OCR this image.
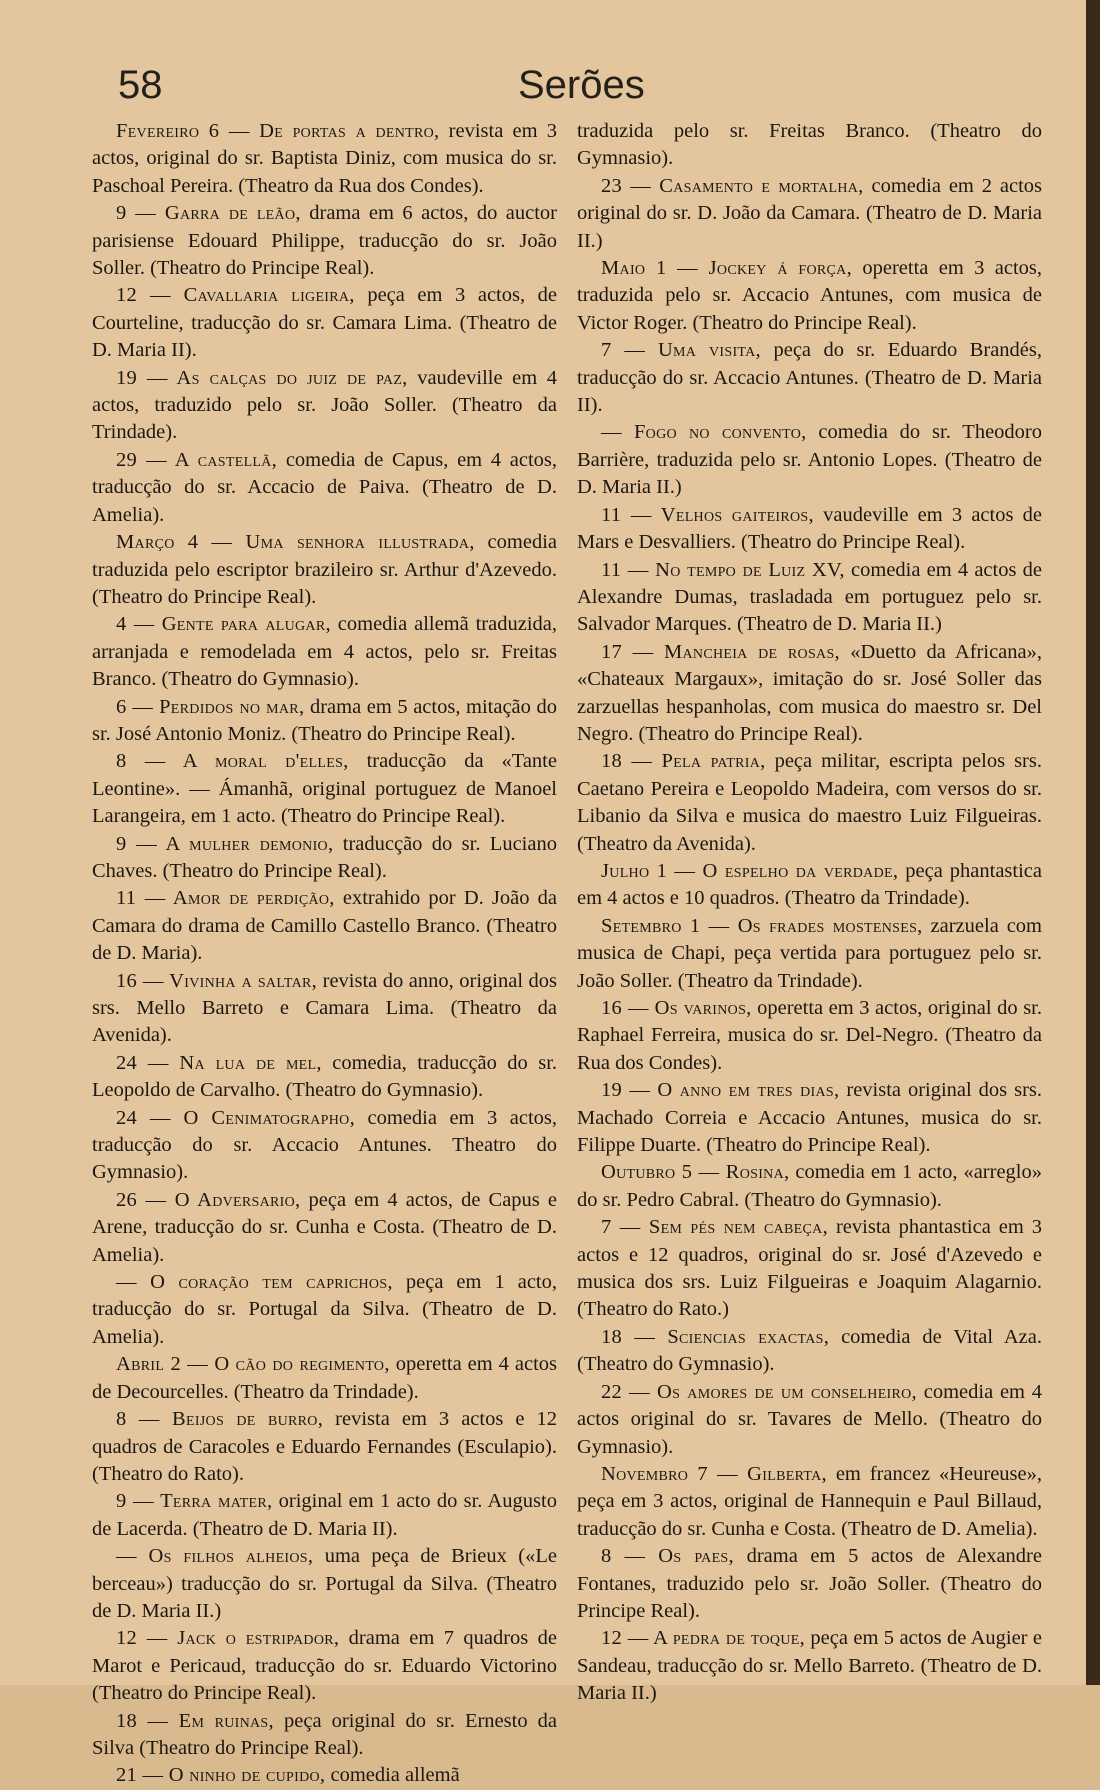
58	Serões

Fevereiro 6 — De portas a dentro, revista em 3 actos, original do sr. Baptista Diniz, com musica do sr. Paschoal Pereira. (Theatro da Rua dos Condes).

9 — Garra de leão, drama em 6 actos, do auctor parisiense Edouard Philippe, traducção do sr. João Soller. (Theatro do Principe Real).

12 — Cavallaria ligeira, peça em 3 actos, de Courteline, traducção do sr. Camara Lima. (Theatro de D. Maria II).

19 — As calças do juiz de paz, vaudeville em 4 actos, traduzido pelo sr. João Soller. (Theatro da Trindade).

29 — A castellã, comedia de Capus, em 4 actos, traducção do sr. Accacio de Paiva. (Theatro de D. Amelia).

Março 4 — Uma senhora illustrada, comedia traduzida pelo escriptor brazileiro sr. Arthur d'Azevedo. (Theatro do Principe Real).

4 — Gente para alugar, comedia allemã traduzida, arranjada e remodelada em 4 actos, pelo sr. Freitas Branco. (Theatro do Gymnasio).

6 — Perdidos no mar, drama em 5 actos, mitação do sr. José Antonio Moniz. (Theatro do Principe Real).

8 — A moral d'elles, traducção da «Tante Leontine». — Ámanhã, original portuguez de Manoel Larangeira, em 1 acto. (Theatro do Principe Real).

9 — A mulher demonio, traducção do sr. Luciano Chaves. (Theatro do Principe Real).

11 — Amor de perdição, extrahido por D. João da Camara do drama de Camillo Castello Branco. (Theatro de D. Maria).

16 — Vivinha a saltar, revista do anno, original dos srs. Mello Barreto e Camara Lima. (Theatro da Avenida).

24 — Na lua de mel, comedia, traducção do sr. Leopoldo de Carvalho. (Theatro do Gymnasio).

24 — O Cenimatographo, comedia em 3 actos, traducção do sr. Accacio Antunes. Theatro do Gymnasio).

26 — O Adversario, peça em 4 actos, de Capus e Arene, traducção do sr. Cunha e Costa. (Theatro de D. Amelia).

— O coração tem caprichos, peça em 1 acto, traducção do sr. Portugal da Silva. (Theatro de D. Amelia).

Abril 2 — O cão do regimento, operetta em 4 actos de Decourcelles. (Theatro da Trindade).

8 — Beijos de burro, revista em 3 actos e 12 quadros de Caracoles e Eduardo Fernandes (Esculapio). (Theatro do Rato).

9 — Terra mater, original em 1 acto do sr. Augusto de Lacerda. (Theatro de D. Maria II).

— Os filhos alheios, uma peça de Brieux («Le berceau») traducção do sr. Portugal da Silva. (Theatro de D. Maria II.)

12 — Jack o estripador, drama em 7 quadros de Marot e Pericaud, traducção do sr. Eduardo Victorino (Theatro do Principe Real).

18 — Em ruinas, peça original do sr. Ernesto da Silva (Theatro do Principe Real).

21 — O ninho de cupido, comedia allemã

traduzida pelo sr. Freitas Branco. (Theatro do Gymnasio).

23 — Casamento e mortalha, comedia em 2 actos original do sr. D. João da Camara. (Theatro de D. Maria II.)

Maio 1 — Jockey á força, operetta em 3 actos, traduzida pelo sr. Accacio Antunes, com musica de Victor Roger. (Theatro do Principe Real).

7 — Uma visita, peça do sr. Eduardo Brandés, traducção do sr. Accacio Antunes. (Theatro de D. Maria II).

— Fogo no convento, comedia do sr. Theodoro Barrière, traduzida pelo sr. Antonio Lopes. (Theatro de D. Maria II.)

11 — Velhos gaiteiros, vaudeville em 3 actos de Mars e Desvalliers. (Theatro do Principe Real).

11 — No tempo de Luiz XV, comedia em 4 actos de Alexandre Dumas, trasladada em portuguez pelo sr. Salvador Marques. (Theatro de D. Maria II.)

17 — Mancheia de rosas, «Duetto da Africana», «Chateaux Margaux», imitação do sr. José Soller das zarzuellas hespanholas, com musica do maestro sr. Del Negro. (Theatro do Principe Real).

18 — Pela patria, peça militar, escripta pelos srs. Caetano Pereira e Leopoldo Madeira, com versos do sr. Libanio da Silva e musica do maestro Luiz Filgueiras. (Theatro da Avenida).

Julho 1 — O espelho da verdade, peça phantastica em 4 actos e 10 quadros. (Theatro da Trindade).

Setembro 1 — Os frades mostenses, zarzuela com musica de Chapi, peça vertida para portuguez pelo sr. João Soller. (Theatro da Trindade).

16 — Os varinos, operetta em 3 actos, original do sr. Raphael Ferreira, musica do sr. Del-Negro. (Theatro da Rua dos Condes).

19 — O anno em tres dias, revista original dos srs. Machado Correia e Accacio Antunes, musica do sr. Filippe Duarte. (Theatro do Principe Real).

Outubro 5 — Rosina, comedia em 1 acto, «arreglo» do sr. Pedro Cabral. (Theatro do Gymnasio).

7 — Sem pés nem cabeça, revista phantastica em 3 actos e 12 quadros, original do sr. José d'Azevedo e musica dos srs. Luiz Filgueiras e Joaquim Alagarnio. (Theatro do Rato.)

18 — Sciencias exactas, comedia de Vital Aza. (Theatro do Gymnasio).

22 — Os amores de um conselheiro, comedia em 4 actos original do sr. Tavares de Mello. (Theatro do Gymnasio).

Novembro 7 — Gilberta, em francez «Heureuse», peça em 3 actos, original de Hannequin e Paul Billaud, traducção do sr. Cunha e Costa. (Theatro de D. Amelia).

8 — Os paes, drama em 5 actos de Alexandre Fontanes, traduzido pelo sr. João Soller. (Theatro do Principe Real).

12 — A pedra de toque, peça em 5 actos de Augier e Sandeau, traducção do sr. Mello Barreto. (Theatro de D. Maria II.)
